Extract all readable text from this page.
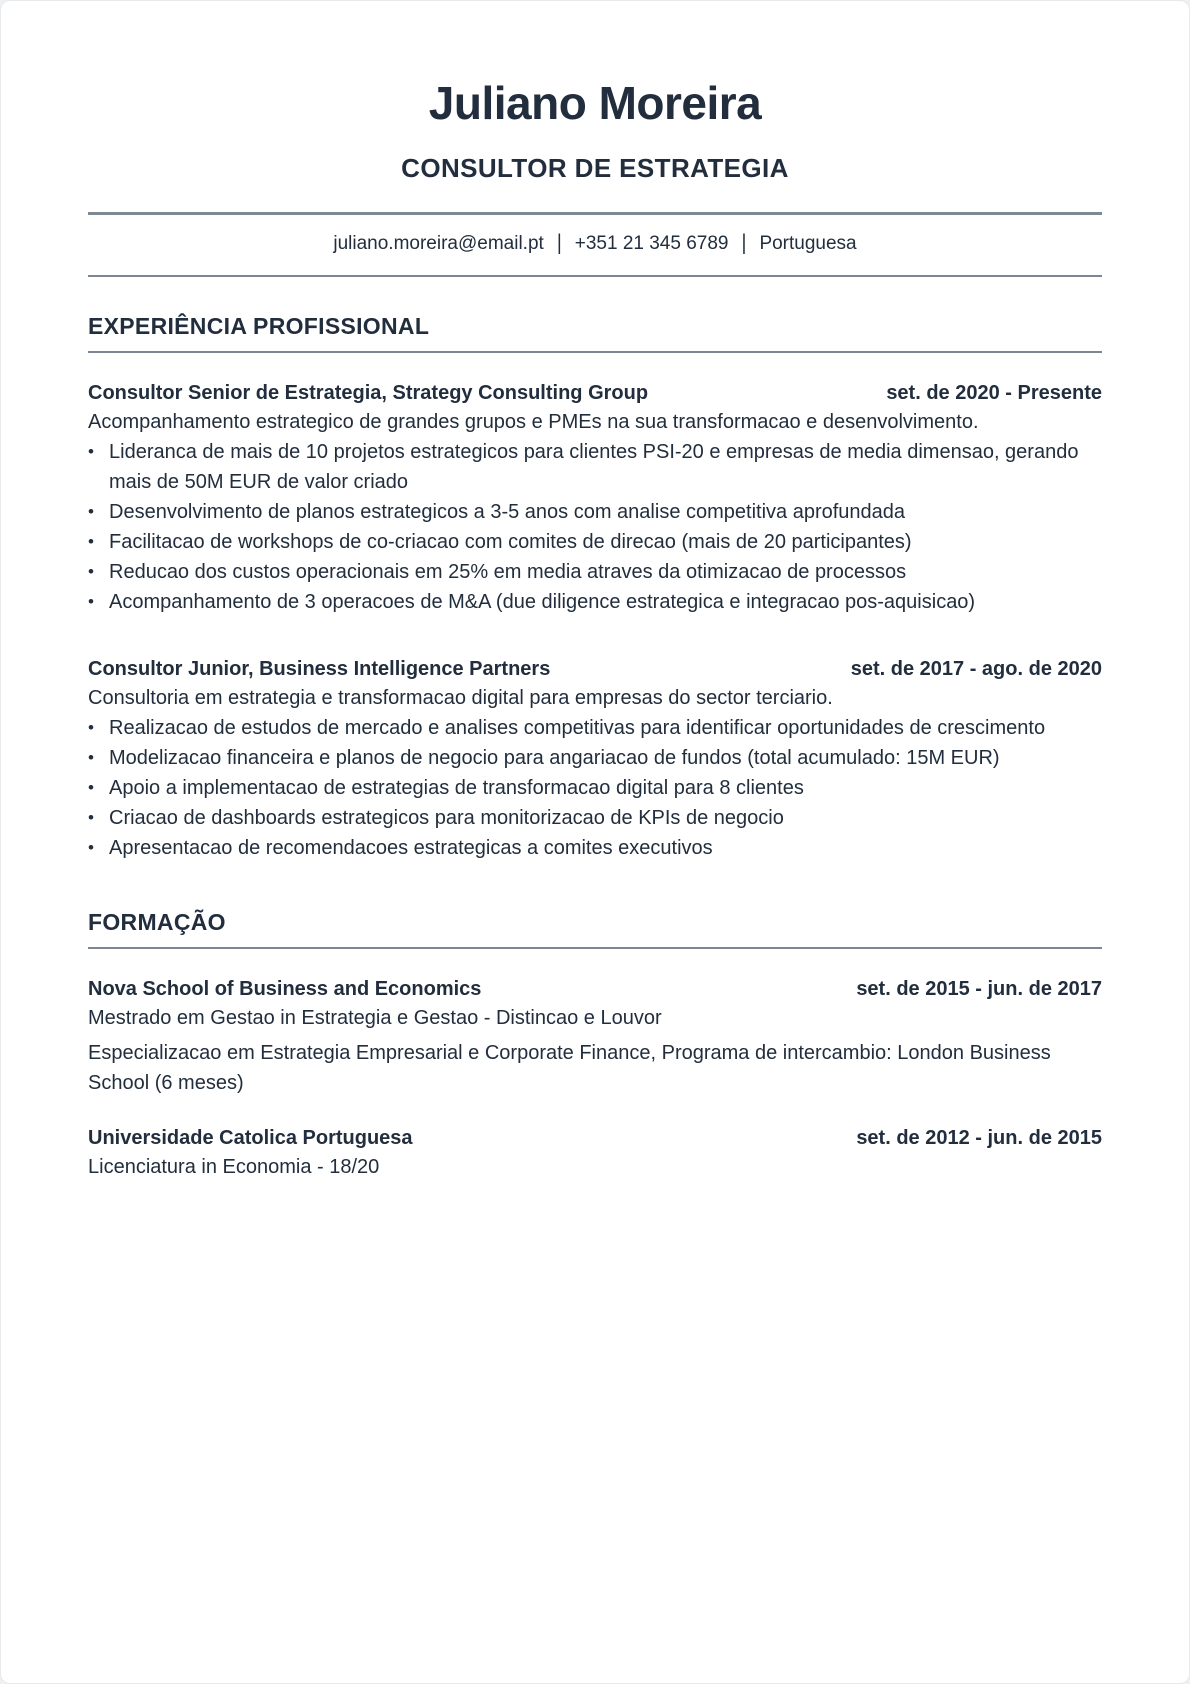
Juliano Moreira
CONSULTOR DE ESTRATEGIA
juliano.moreira@email.pt | +351 21 345 6789 | Portuguesa
EXPERIÊNCIA PROFISSIONAL
Consultor Senior de Estrategia, Strategy Consulting Group	set. de 2020 - Presente
Acompanhamento estrategico de grandes grupos e PMEs na sua transformacao e desenvolvimento.
• Lideranca de mais de 10 projetos estrategicos para clientes PSI-20 e empresas de media dimensao, gerando mais de 50M EUR de valor criado
• Desenvolvimento de planos estrategicos a 3-5 anos com analise competitiva aprofundada
• Facilitacao de workshops de co-criacao com comites de direcao (mais de 20 participantes)
• Reducao dos custos operacionais em 25% em media atraves da otimizacao de processos
• Acompanhamento de 3 operacoes de M&A (due diligence estrategica e integracao pos-aquisicao)
Consultor Junior, Business Intelligence Partners	set. de 2017 - ago. de 2020
Consultoria em estrategia e transformacao digital para empresas do sector terciario.
• Realizacao de estudos de mercado e analises competitivas para identificar oportunidades de crescimento
• Modelizacao financeira e planos de negocio para angariacao de fundos (total acumulado: 15M EUR)
• Apoio a implementacao de estrategias de transformacao digital para 8 clientes
• Criacao de dashboards estrategicos para monitorizacao de KPIs de negocio
• Apresentacao de recomendacoes estrategicas a comites executivos
FORMAÇÃO
Nova School of Business and Economics	set. de 2015 - jun. de 2017
Mestrado em Gestao in Estrategia e Gestao - Distincao e Louvor
Especializacao em Estrategia Empresarial e Corporate Finance, Programa de intercambio: London Business School (6 meses)
Universidade Catolica Portuguesa	set. de 2012 - jun. de 2015
Licenciatura in Economia - 18/20
